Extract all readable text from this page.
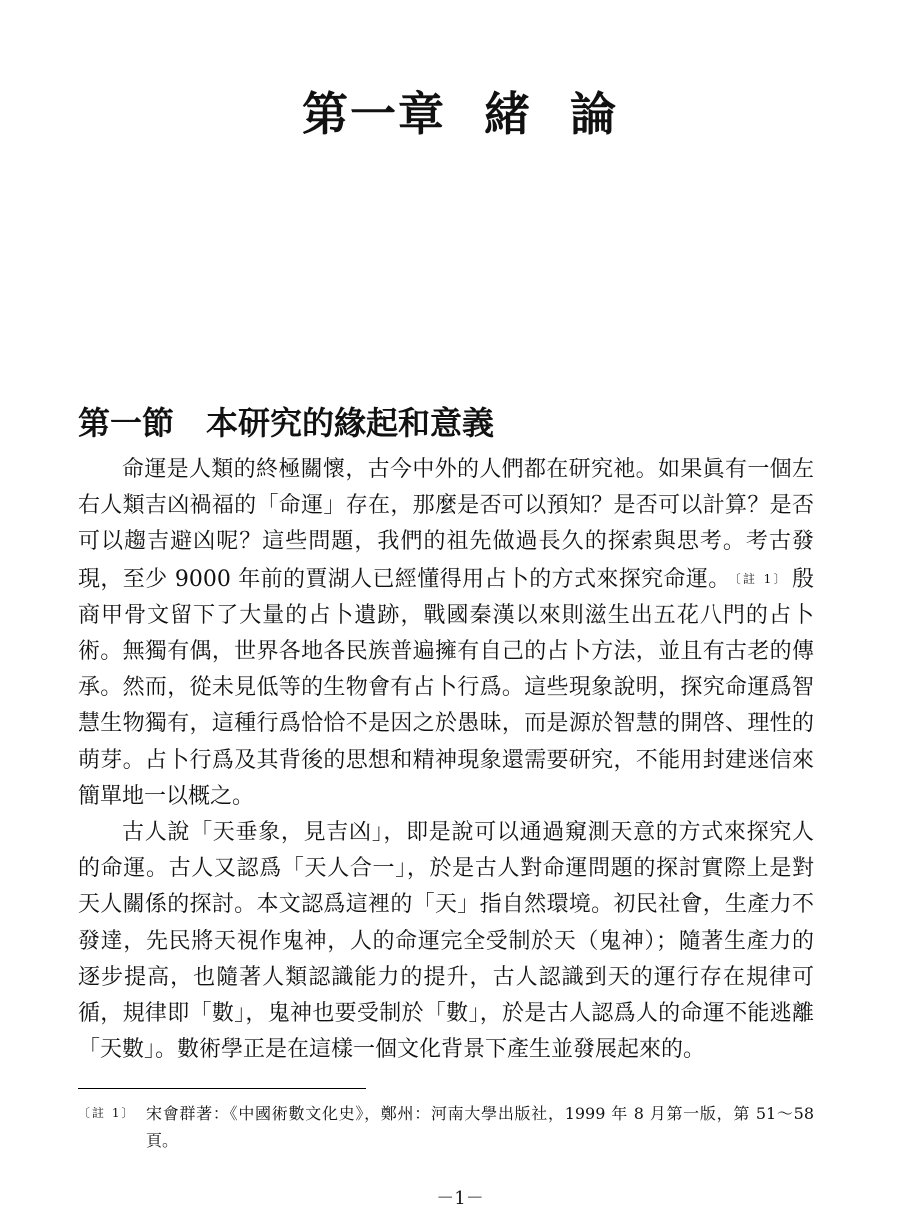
第一章 緒 論
第一節 本研究的緣起和意義

命運是人類的終極關懷，古今中外的人們都在研究祂。如果眞有一個左右人類吉凶禍福的「命運」存在，那麼是否可以預知？是否可以計算？是否可以趨吉避凶呢？這些問題，我們的祖先做過長久的探索與思考。考古發現，至少 9000 年前的賈湖人已經懂得用占卜的方式來探究命運。 〔註 1〕 殷商甲骨文留下了大量的占卜遺跡，戰國秦漢以來則滋生出五花八門的占卜術。無獨有偶，世界各地各民族普遍擁有自己的占卜方法，並且有古老的傳承。然而，從未見低等的生物會有占卜行爲。這些現象說明，探究命運爲智慧生物獨有，這種行爲恰恰不是因之於愚昧，而是源於智慧的開啓、理性的萌芽。占卜行爲及其背後的思想和精神現象還需要研究，不能用封建迷信來簡單地一以概之。

古人說「天垂象，見吉凶」，即是說可以通過窺測天意的方式來探究人的命運。古人又認爲「天人合一」，於是古人對命運問題的探討實際上是對天人關係的探討。本文認爲這裡的「天」指自然環境。初民社會，生產力不發達，先民將天視作鬼神，人的命運完全受制於天（鬼神）；隨著生產力的逐步提高，也隨著人類認識能力的提升，古人認識到天的運行存在規律可循，規律即「數」，鬼神也要受制於「數」，於是古人認爲人的命運不能逃離「天數」。數術學正是在這樣一個文化背景下產生並發展起來的。

〔註 1〕 宋會群著：《中國術數文化史》，鄭州：河南大學出版社，1999 年 8 月第一版，第 51～58 頁。
－1－
